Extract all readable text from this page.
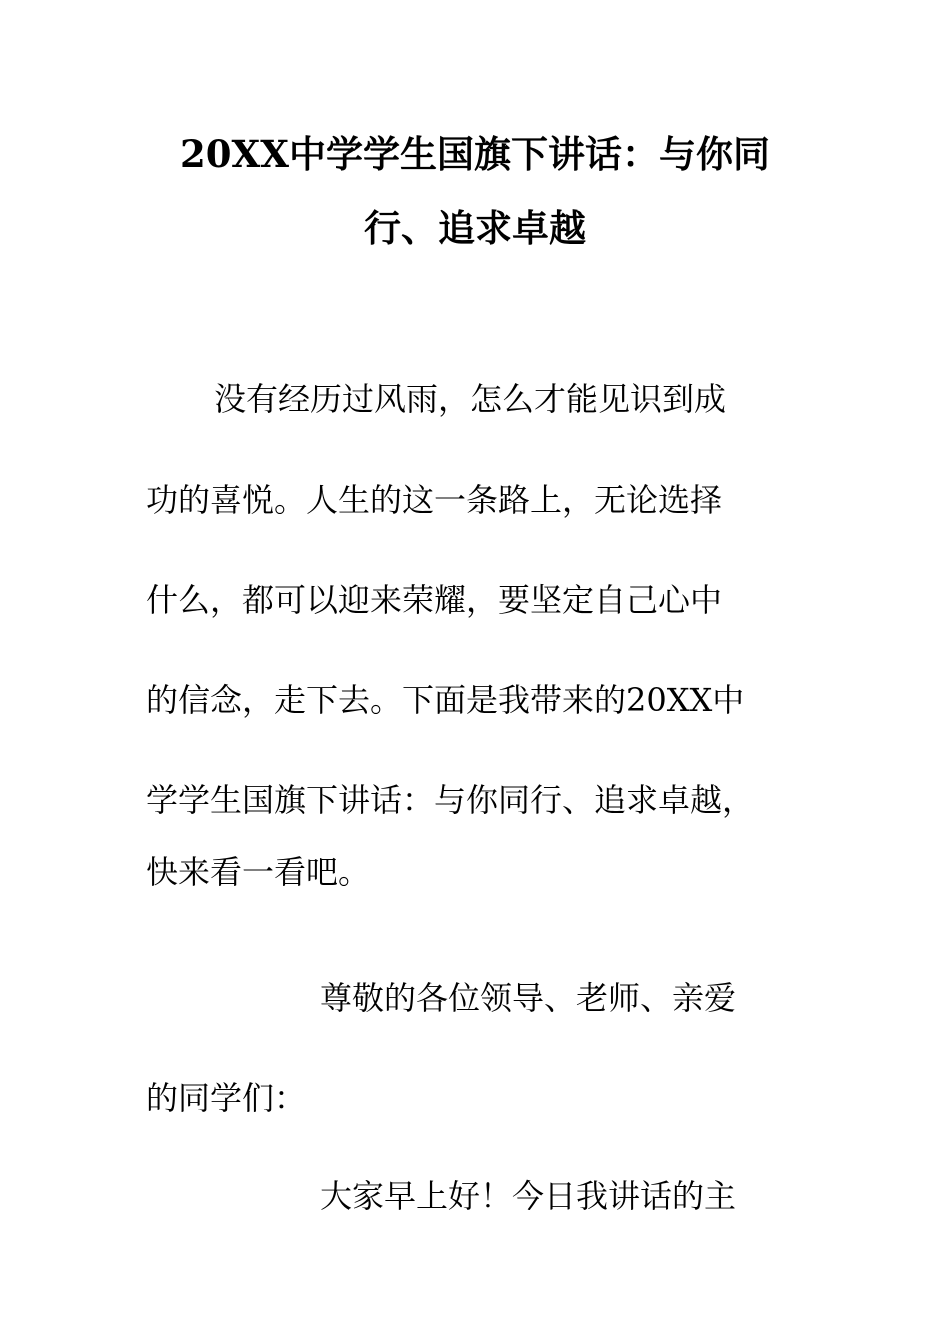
20XX中学学生国旗下讲话：与你同
行、追求卓越
没有经历过风雨，怎么才能见识到成
功的喜悦。人生的这一条路上，无论选择
什么，都可以迎来荣耀，要坚定自己心中
的信念，走下去。下面是我带来的20XX中
学学生国旗下讲话：与你同行、追求卓越，
快来看一看吧。
尊敬的各位领导、老师、亲爱
的同学们：
大家早上好！今日我讲话的主
